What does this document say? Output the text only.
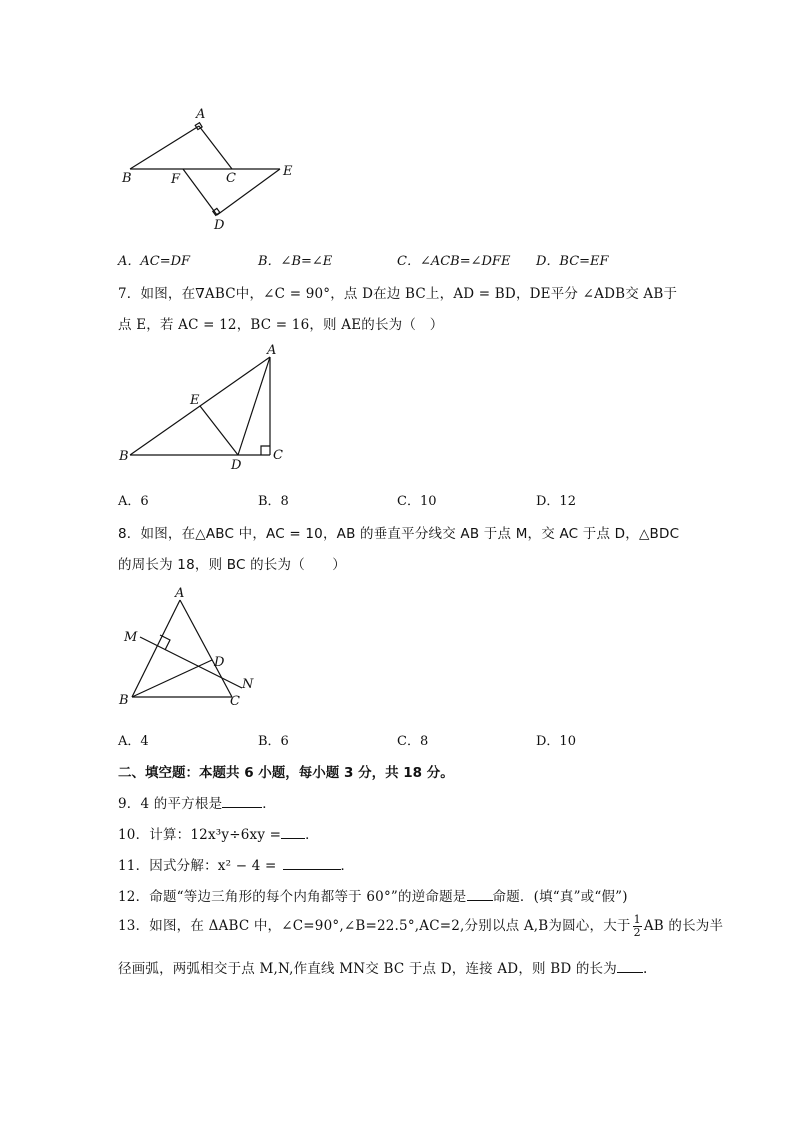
A
B	F	C	E
D
A．AC=DF	B．∠B=∠E	C．∠ACB=∠DFE D．BC=EF
7．如图，在∇ABC中，∠C = 90°，点 D在边 BC上，AD = BD，DE平分 ∠ADB交 AB于
点 E，若 AC = 12，BC = 16，则 AE的长为（　）
A
E
B
D
C
A．6	B．8	C．10	D．12
8．如图，在△ABC 中，AC = 10，AB 的垂直平分线交 AB 于点 M，交 AC 于点 D，△BDC
的周长为 18，则 BC 的长为（　　）
A
M
D
N
B	C
A．4	B．6	C．8	D．10
二、填空题：本题共 6 小题，每小题 3 分，共 18 分。
9．4 的平方根是	．
10．计算：12x³y÷6xy = ．
11．因式分解：x² − 4 =	．
12．命题“等边三角形的每个内角都等于 60°”的逆命题是 命题．(填“真”或“假”)
13．如图，在 ΔABC 中，∠C=90°,∠B=22.5°,AC=2,分别以点 A,B为圆心，大于 $\frac{1}{2}$ AB 的长为半
径画弧，两弧相交于点 M,N,作直线 MN交 BC 于点 D，连接 AD，则 BD 的长为 .
